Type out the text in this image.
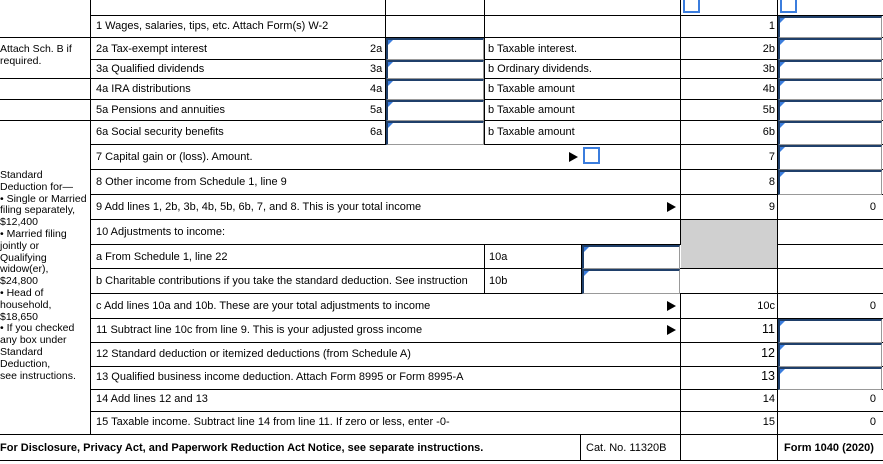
Attach Sch. B if
required.
Standard
Deduction for—
• Single or Married
filing separately,
$12,400
• Married filing
jointly or
Qualifying
widow(er),
$24,800
• Head of
household,
$18,650
• If you checked
any box under
Standard
Deduction,
see instructions.
1 Wages, salaries, tips, etc. Attach Form(s) W-2	1
2a Tax-exempt interest	2a	b Taxable interest.	2b
3a Qualified dividends	3a	b Ordinary dividends.	3b
4a IRA distributions	4a	b Taxable amount	4b
5a Pensions and annuities	5a	b Taxable amount	5b
6a Social security benefits	6a	b Taxable amount	6b
7 Capital gain or (loss). Amount.	7
8 Other income from Schedule 1, line 9	8
9 Add lines 1, 2b, 3b, 4b, 5b, 6b, 7, and 8. This is your total income	9	0
10 Adjustments to income:
a From Schedule 1, line 22	10a
b Charitable contributions if you take the standard deduction. See instruction 10b
c Add lines 10a and 10b. These are your total adjustments to income	10c	0
11 Subtract line 10c from line 9. This is your adjusted gross income	11
12 Standard deduction or itemized deductions (from Schedule A)	12
13 Qualified business income deduction. Attach Form 8995 or Form 8995-A	13
14 Add lines 12 and 13	14	0
15 Taxable income. Subtract line 14 from line 11. If zero or less, enter -0-	15	0
For Disclosure, Privacy Act, and Paperwork Reduction Act Notice, see separate instructions.	Cat. No. 11320B	Form 1040 (2020)
